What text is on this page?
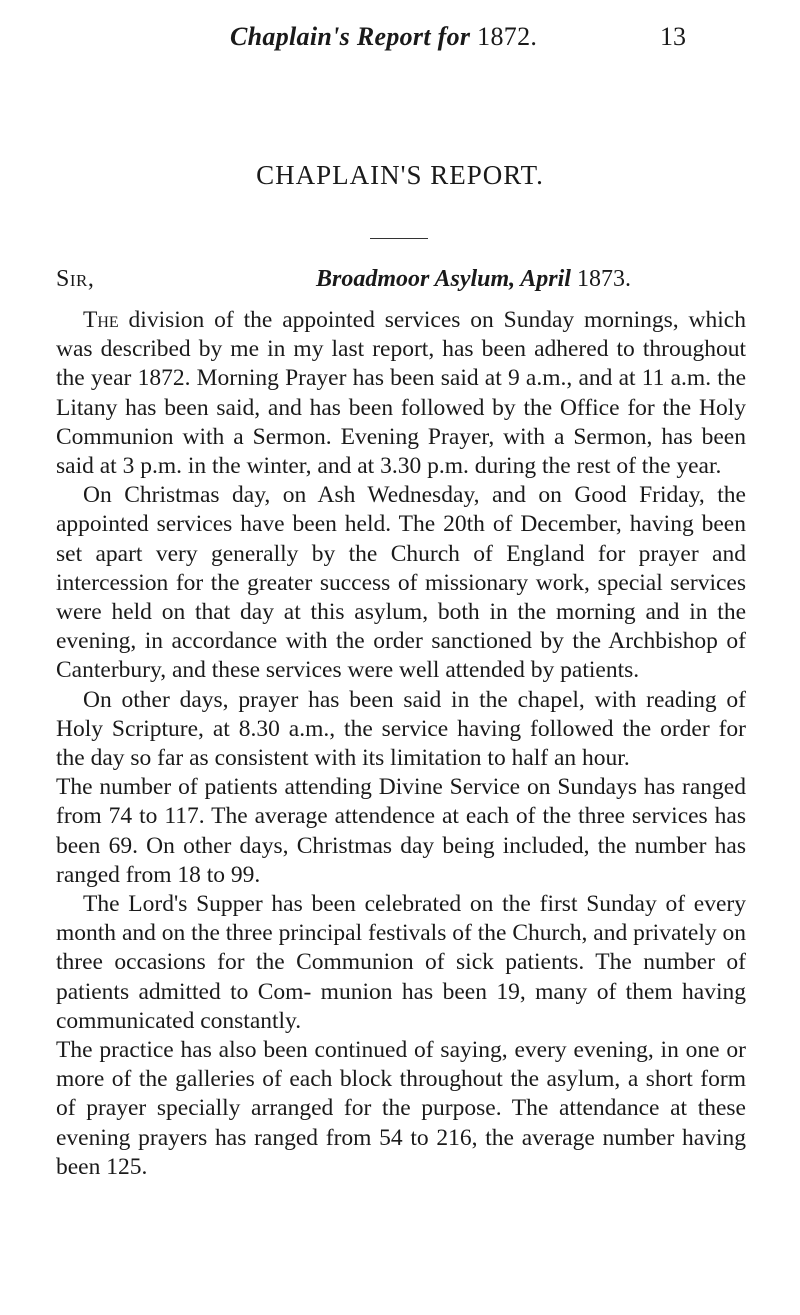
Chaplain's Report for 1872.	13
CHAPLAIN'S REPORT.
Sir,	Broadmoor Asylum, April 1873.

The division of the appointed services on Sunday mornings, which was described by me in my last report, has been adhered to throughout the year 1872. Morning Prayer has been said at 9 a.m., and at 11 a.m. the Litany has been said, and has been followed by the Office for the Holy Communion with a Sermon. Evening Prayer, with a Sermon, has been said at 3 p.m. in the winter, and at 3.30 p.m. during the rest of the year.

On Christmas day, on Ash Wednesday, and on Good Friday, the appointed services have been held. The 20th of December, having been set apart very generally by the Church of England for prayer and intercession for the greater success of missionary work, special services were held on that day at this asylum, both in the morning and in the evening, in accordance with the order sanctioned by the Archbishop of Canterbury, and these services were well attended by patients.

On other days, prayer has been said in the chapel, with reading of Holy Scripture, at 8.30 a.m., the service having followed the order for the day so far as consistent with its limitation to half an hour.

The number of patients attending Divine Service on Sundays has ranged from 74 to 117. The average attendence at each of the three services has been 69. On other days, Christmas day being included, the number has ranged from 18 to 99.

The Lord's Supper has been celebrated on the first Sunday of every month and on the three principal festivals of the Church, and privately on three occasions for the Communion of sick patients. The number of patients admitted to Com- munion has been 19, many of them having communicated constantly.

The practice has also been continued of saying, every evening, in one or more of the galleries of each block throughout the asylum, a short form of prayer specially arranged for the purpose. The attendance at these evening prayers has ranged from 54 to 216, the average number having been 125.
